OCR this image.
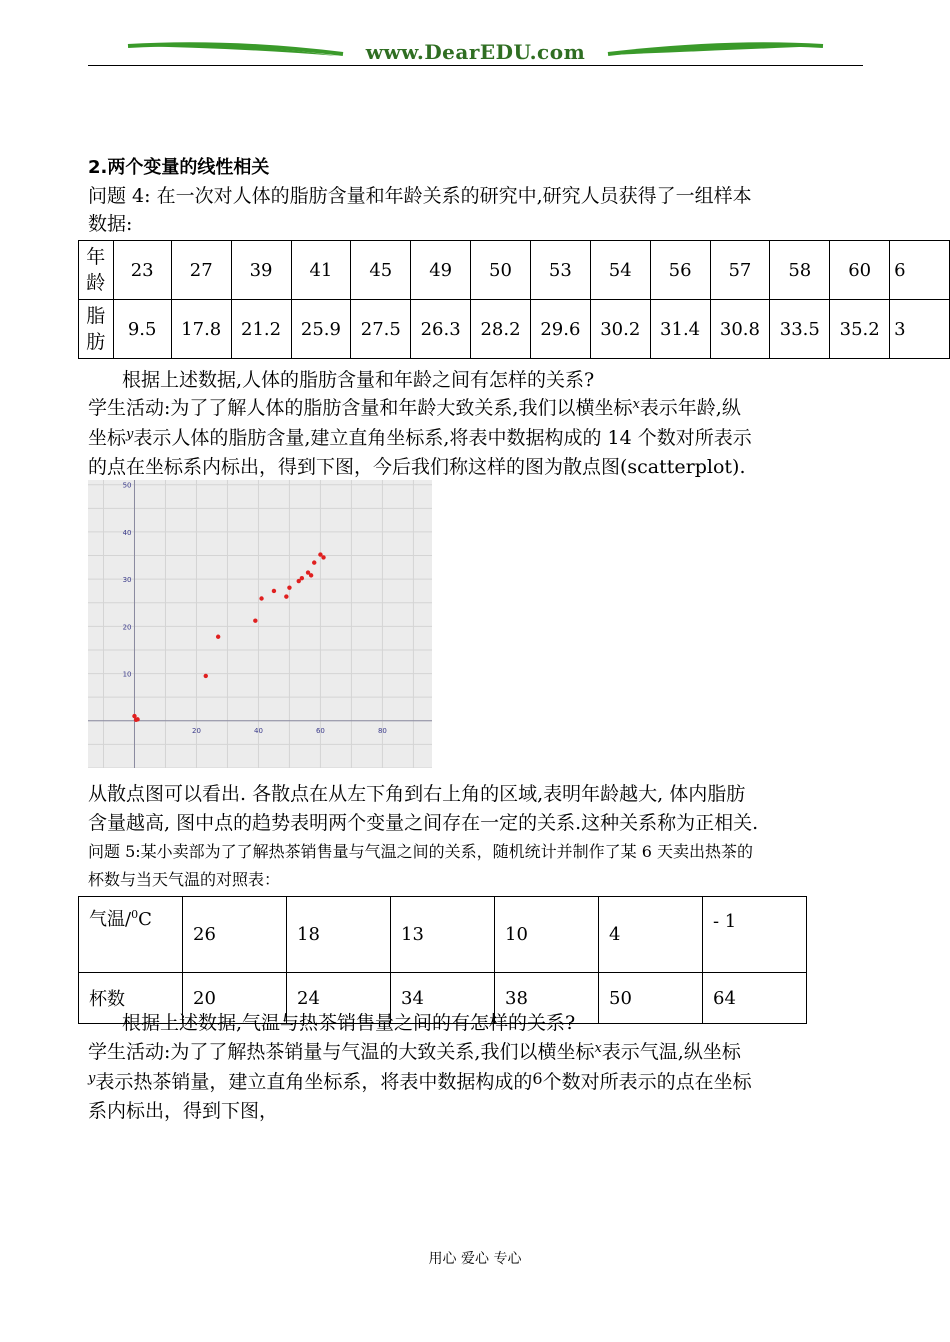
www.DearEDU.com
2.两个变量的线性相关
问题 4: 在一次对人体的脂肪含量和年龄关系的研究中,研究人员获得了一组样本
数据:
年
龄	23	27	39	41	45	49	50	53	54	56	57	58	60	6
脂
肪	9.5	17.8	21.2	25.9	27.5	26.3	28.2	29.6	30.2	31.4	30.8	33.5	35.2	3
根据上述数据,人体的脂肪含量和年龄之间有怎样的关系?
学生活动:为了了解人体的脂肪含量和年龄大致关系,我们以横坐标$^x$表示年龄,纵
坐标$^y$表示人体的脂肪含量,建立直角坐标系,将表中数据构成的 14 个数对所表示
的点在坐标系内标出，得到下图，今后我们称这样的图为散点图(scatterplot).
20	40	60	80
50
40
30
20
10
从散点图可以看出. 各散点在从左下角到右上角的区域,表明年龄越大, 体内脂肪
含量越高, 图中点的趋势表明两个变量之间存在一定的关系.这种关系称为正相关.
问题 5:某小卖部为了了解热茶销售量与气温之间的关系，随机统计并制作了某 6 天卖出热茶的
杯数与当天气温的对照表：
气温/$^0$C	26	18	13	10	4	- 1
杯数	20	24	34	38	50	64
根据上述数据,气温与热茶销售量之间的有怎样的关系?
学生活动:为了了解热茶销量与气温的大致关系,我们以横坐标$^x$表示气温,纵坐标
$^y$表示热茶销量，建立直角坐标系，将表中数据构成的$^6$个数对所表示的点在坐标
系内标出，得到下图，
用心 爱心 专心
